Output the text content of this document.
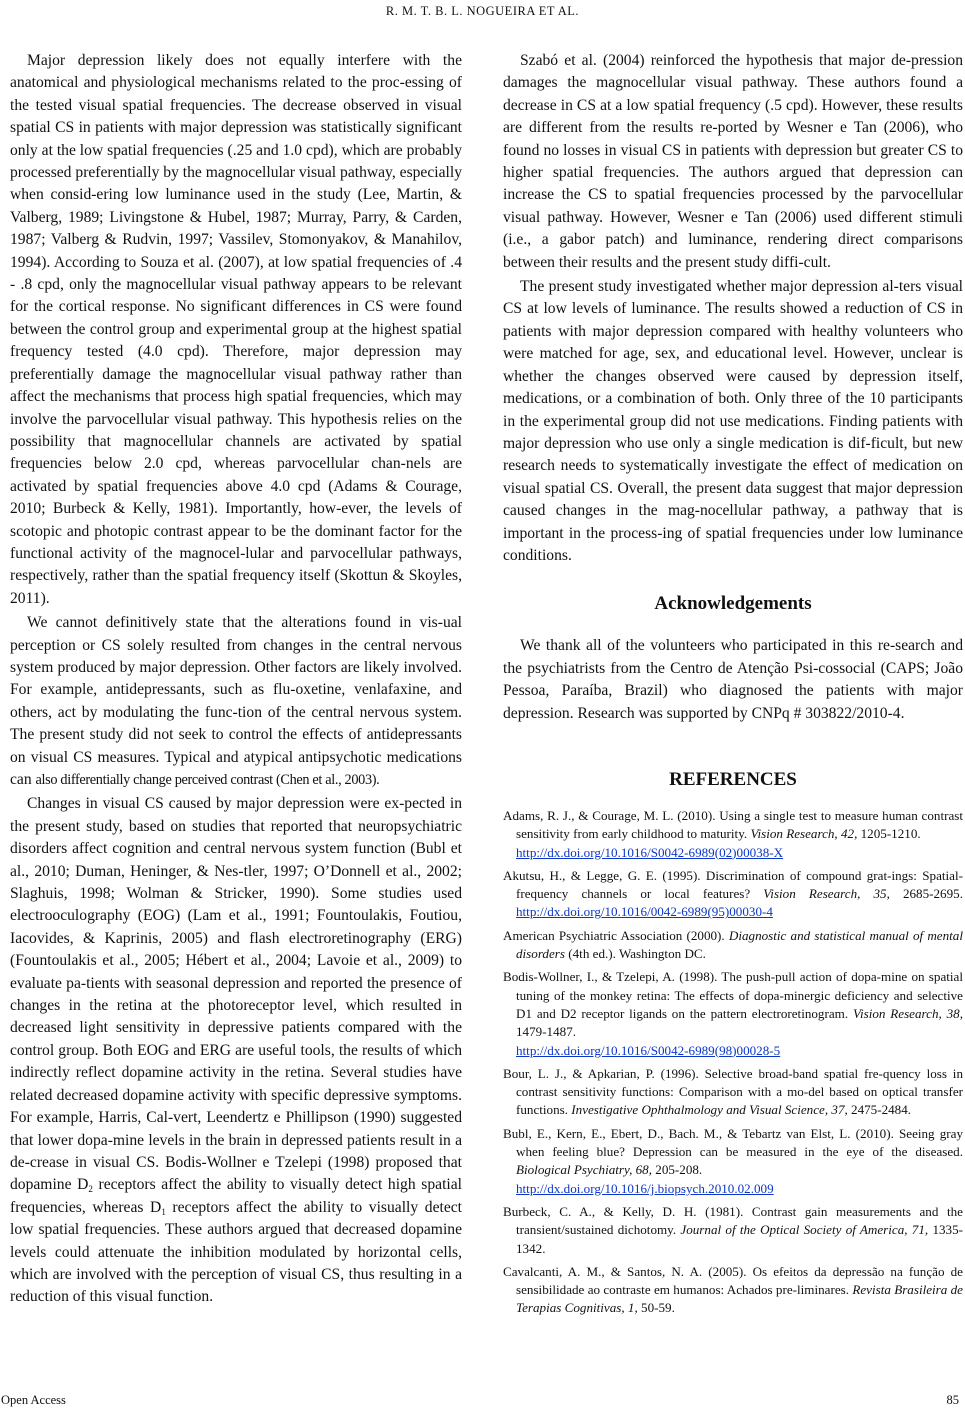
R. M. T. B. L. NOGUEIRA ET AL.

Major depression likely does not equally interfere with the anatomical and physiological mechanisms related to the proc-essing of the tested visual spatial frequencies. The decrease observed in visual spatial CS in patients with major depression was statistically significant only at the low spatial frequencies (.25 and 1.0 cpd), which are probably processed preferentially by the magnocellular visual pathway, especially when consid-ering low luminance used in the study (Lee, Martin, & Valberg, 1989; Livingstone & Hubel, 1987; Murray, Parry, & Carden, 1987; Valberg & Rudvin, 1997; Vassilev, Stomonyakov, & Manahilov, 1994). According to Souza et al. (2007), at low spatial frequencies of .4 - .8 cpd, only the magnocellular visual pathway appears to be relevant for the cortical response. No significant differences in CS were found between the control group and experimental group at the highest spatial frequency tested (4.0 cpd). Therefore, major depression may preferentially damage the magnocellular visual pathway rather than affect the mechanisms that process high spatial frequencies, which may involve the parvocellular visual pathway. This hypothesis relies on the possibility that magnocellular channels are activated by spatial frequencies below 2.0 cpd, whereas parvocellular chan-nels are activated by spatial frequencies above 4.0 cpd (Adams & Courage, 2010; Burbeck & Kelly, 1981). Importantly, how-ever, the levels of scotopic and photopic contrast appear to be the dominant factor for the functional activity of the magnocel-lular and parvocellular pathways, respectively, rather than the spatial frequency itself (Skottun & Skoyles, 2011).

We cannot definitively state that the alterations found in vis-ual perception or CS solely resulted from changes in the central nervous system produced by major depression. Other factors are likely involved. For example, antidepressants, such as flu-oxetine, venlafaxine, and others, act by modulating the func-tion of the central nervous system. The present study did not seek to control the effects of antidepressants on visual CS measures. Typical and atypical antipsychotic medications can also differentially change perceived contrast (Chen et al., 2003).

Changes in visual CS caused by major depression were ex-pected in the present study, based on studies that reported that neuropsychiatric disorders affect cognition and central nervous system function (Bubl et al., 2010; Duman, Heninger, & Nes-tler, 1997; O’Donnell et al., 2002; Slaghuis, 1998; Wolman & Stricker, 1990). Some studies used electrooculography (EOG) (Lam et al., 1991; Fountoulakis, Foutiou, Iacovides, & Kaprinis, 2005) and flash electroretinography (ERG) (Fountoulakis et al., 2005; Hébert et al., 2004; Lavoie et al., 2009) to evaluate pa-tients with seasonal depression and reported the presence of changes in the retina at the photoreceptor level, which resulted in decreased light sensitivity in depressive patients compared with the control group. Both EOG and ERG are useful tools, the results of which indirectly reflect dopamine activity in the retina. Several studies have related decreased dopamine activity with specific depressive symptoms. For example, Harris, Cal-vert, Leendertz e Phillipson (1990) suggested that lower dopa-mine levels in the brain in depressed patients result in a de-crease in visual CS. Bodis-Wollner e Tzelepi (1998) proposed that dopamine $D_2$ receptors affect the ability to visually detect high spatial frequencies, whereas $D_1$ receptors affect the ability to visually detect low spatial frequencies. These authors argued that decreased dopamine levels could attenuate the inhibition modulated by horizontal cells, which are involved with the perception of visual CS, thus resulting in a reduction of this visual function.

Szabó et al. (2004) reinforced the hypothesis that major de-pression damages the magnocellular visual pathway. These authors found a decrease in CS at a low spatial frequency (.5 cpd). However, these results are different from the results re-ported by Wesner e Tan (2006), who found no losses in visual CS in patients with depression but greater CS to higher spatial frequencies. The authors argued that depression can increase the CS to spatial frequencies processed by the parvocellular visual pathway. However, Wesner e Tan (2006) used different stimuli (i.e., a gabor patch) and luminance, rendering direct comparisons between their results and the present study diffi-cult.

The present study investigated whether major depression al-ters visual CS at low levels of luminance. The results showed a reduction of CS in patients with major depression compared with healthy volunteers who were matched for age, sex, and educational level. However, unclear is whether the changes observed were caused by depression itself, medications, or a combination of both. Only three of the 10 participants in the experimental group did not use medications. Finding patients with major depression who use only a single medication is dif-ficult, but new research needs to systematically investigate the effect of medication on visual spatial CS. Overall, the present data suggest that major depression caused changes in the mag-nocellular pathway, a pathway that is important in the process-ing of spatial frequencies under low luminance conditions.

Acknowledgements

We thank all of the volunteers who participated in this re-search and the psychiatrists from the Centro de Atenção Psi-cossocial (CAPS; João Pessoa, Paraíba, Brazil) who diagnosed the patients with major depression. Research was supported by CNPq # 303822/2010-4.

REFERENCES

Adams, R. J., & Courage, M. L. (2010). Using a single test to measure human contrast sensitivity from early childhood to maturity. Vision Research, 42, 1205-1210.
http://dx.doi.org/10.1016/S0042-6989(02)00038-X

Akutsu, H., & Legge, G. E. (1995). Discrimination of compound grat-ings: Spatial-frequency channels or local features? Vision Research, 35, 2685-2695. http://dx.doi.org/10.1016/0042-6989(95)00030-4

American Psychiatric Association (2000). Diagnostic and statistical manual of mental disorders (4th ed.). Washington DC.

Bodis-Wollner, I., & Tzelepi, A. (1998). The push-pull action of dopa-mine on spatial tuning of the monkey retina: The effects of dopa-minergic deficiency and selective D1 and D2 receptor ligands on the pattern electroretinogram. Vision Research, 38, 1479-1487.
http://dx.doi.org/10.1016/S0042-6989(98)00028-5

Bour, L. J., & Apkarian, P. (1996). Selective broad-band spatial fre-quency loss in contrast sensitivity functions: Comparison with a mo-del based on optical transfer functions. Investigative Ophthalmology and Visual Science, 37, 2475-2484.

Bubl, E., Kern, E., Ebert, D., Bach. M., & Tebartz van Elst, L. (2010). Seeing gray when feeling blue? Depression can be measured in the eye of the diseased. Biological Psychiatry, 68, 205-208.
http://dx.doi.org/10.1016/j.biopsych.2010.02.009

Burbeck, C. A., & Kelly, D. H. (1981). Contrast gain measurements and the transient/sustained dichotomy. Journal of the Optical Society of America, 71, 1335-1342.

Cavalcanti, A. M., & Santos, N. A. (2005). Os efeitos da depressão na função de sensibilidade ao contraste em humanos: Achados pre-liminares. Revista Brasileira de Terapias Cognitivas, 1, 50-59.

Open Access	85
